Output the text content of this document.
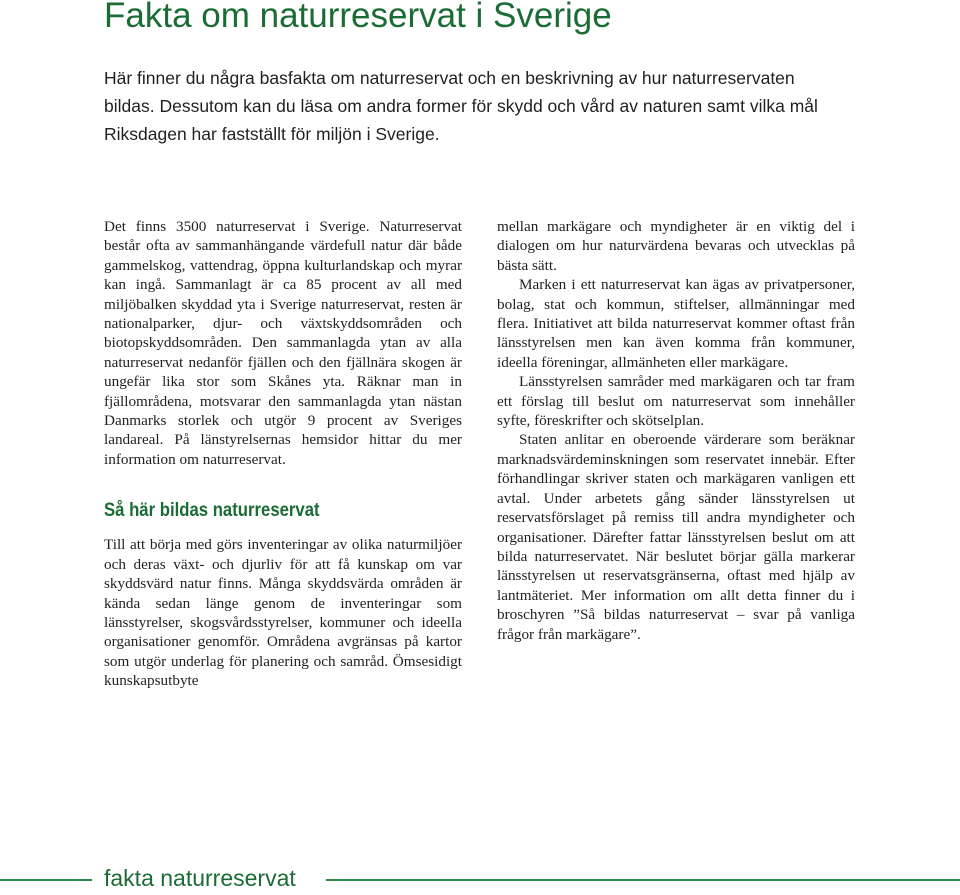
Fakta om naturreservat i Sverige

Här finner du några basfakta om naturreservat och en beskrivning av hur naturreservaten bildas. Dessutom kan du läsa om andra former för skydd och vård av naturen samt vilka mål Riksdagen har fastställt för miljön i Sverige.

Det finns 3500 naturreservat i Sverige. Naturreservat består ofta av sammanhängande värdefull natur där både gammelskog, vattendrag, öppna kulturlandskap och myrar kan ingå. Sammanlagt är ca 85 procent av all med miljöbalken skyddad yta i Sverige naturreservat, resten är nationalparker, djur- och växtskyddsområden och biotopskyddsområden. Den sammanlagda ytan av alla naturreservat nedanför fjällen och den fjällnära skogen är ungefär lika stor som Skånes yta. Räknar man in fjällområdena, motsvarar den sammanlagda ytan nästan Danmarks storlek och utgör 9 procent av Sveriges landareal. På länstyrelsernas hemsidor hittar du mer information om naturreservat.

Så här bildas naturreservat

Till att börja med görs inventeringar av olika naturmiljöer och deras växt- och djurliv för att få kunskap om var skyddsvärd natur finns. Många skyddsvärda områden är kända sedan länge genom de inventeringar som länsstyrelser, skogsvårdsstyrelser, kommuner och ideella organisationer genomför. Områdena avgränsas på kartor som utgör underlag för planering och samråd. Ömsesidigt kunskapsutbyte

mellan markägare och myndigheter är en viktig del i dialogen om hur naturvärdena bevaras och utvecklas på bästa sätt.

Marken i ett naturreservat kan ägas av privatpersoner, bolag, stat och kommun, stiftelser, allmänningar med flera. Initiativet att bilda naturreservat kommer oftast från länsstyrelsen men kan även komma från kommuner, ideella föreningar, allmänheten eller markägare.

Länsstyrelsen samråder med markägaren och tar fram ett förslag till beslut om naturreservat som innehåller syfte, föreskrifter och skötselplan.

Staten anlitar en oberoende värderare som beräknar marknadsvärdeminskningen som reservatet innebär. Efter förhandlingar skriver staten och markägaren vanligen ett avtal. Under arbetets gång sänder länsstyrelsen ut reservatsförslaget på remiss till andra myndigheter och organisationer. Därefter fattar länsstyrelsen beslut om att bilda naturreservatet. När beslutet börjar gälla markerar länsstyrelsen ut reservatsgränserna, oftast med hjälp av lantmäteriet. Mer information om allt detta finner du i broschyren ”Så bildas naturreservat – svar på vanliga frågor från markägare”.

fakta naturreservat
